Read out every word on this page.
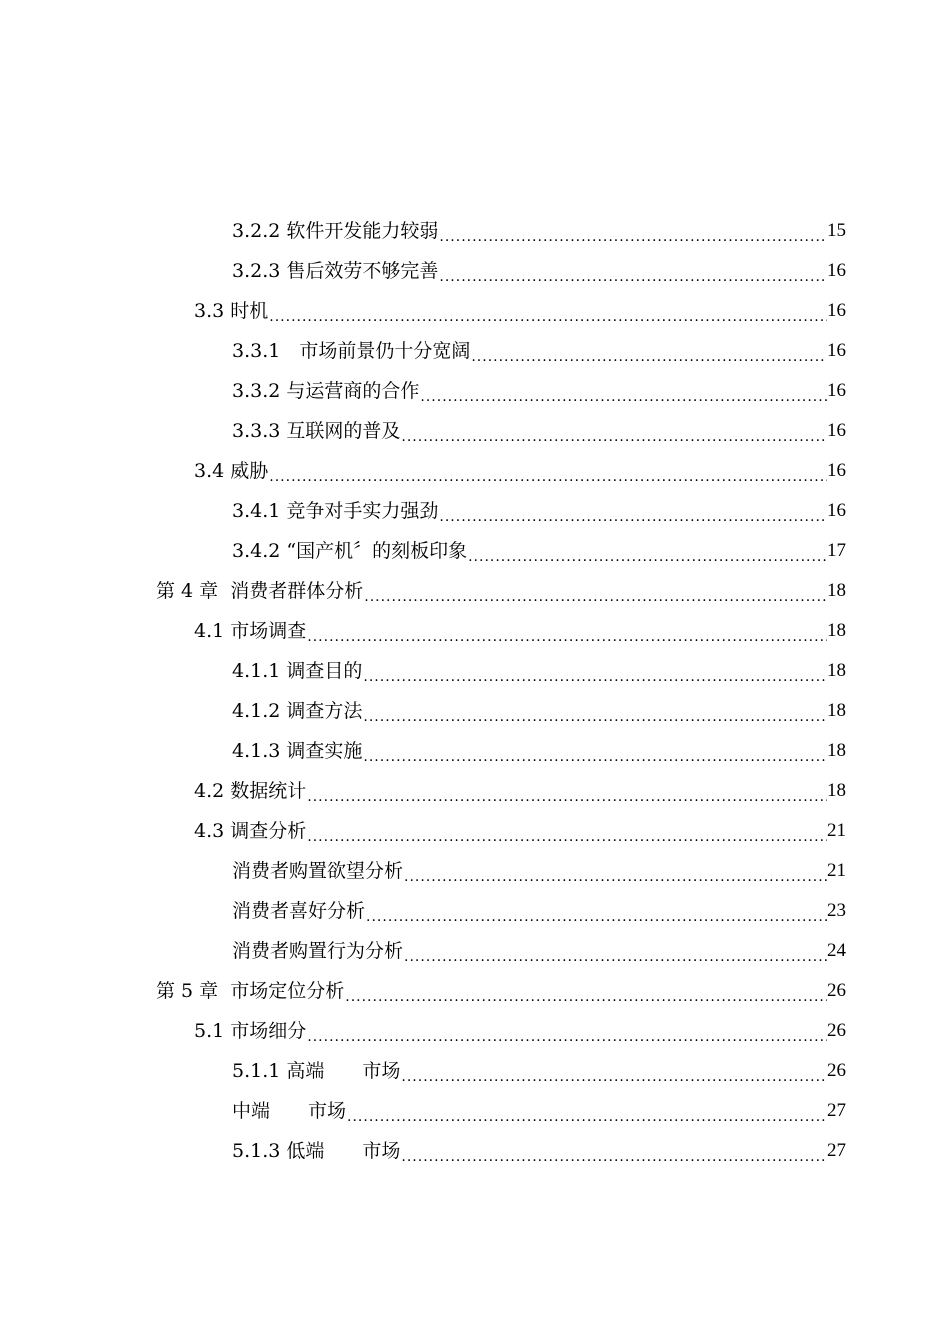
3.2.2 软件开发能力较弱 .....	15
3.2.3 售后效劳不够完善 .....	16
3.3 时机 .....	16
3.3.1　市场前景仍十分宽阔 .....	16
3.3.2 与运营商的合作 .....	16
3.3.3 互联网的普及 .....	16
3.4 威胁 .....	16
3.4.1 竞争对手实力强劲 .....	16
3.4.2 “国产机〞的刻板印象 .....	17
第 4 章  消费者群体分析 .....	18
4.1 市场调查 .....	18
4.1.1 调查目的 .....	18
4.1.2 调查方法 .....	18
4.1.3 调查实施 .....	18
4.2 数据统计 .....	18
4.3 调查分析 .....	21
消费者购置欲望分析 .....	21
消费者喜好分析 .....	23
消费者购置行为分析 .....	24
第 5 章  市场定位分析 .....	26
5.1 市场细分 .....	26
5.1.1 高端　　市场 .....	26
中端　　市场 .....	27
5.1.3 低端　　市场 .....	27
